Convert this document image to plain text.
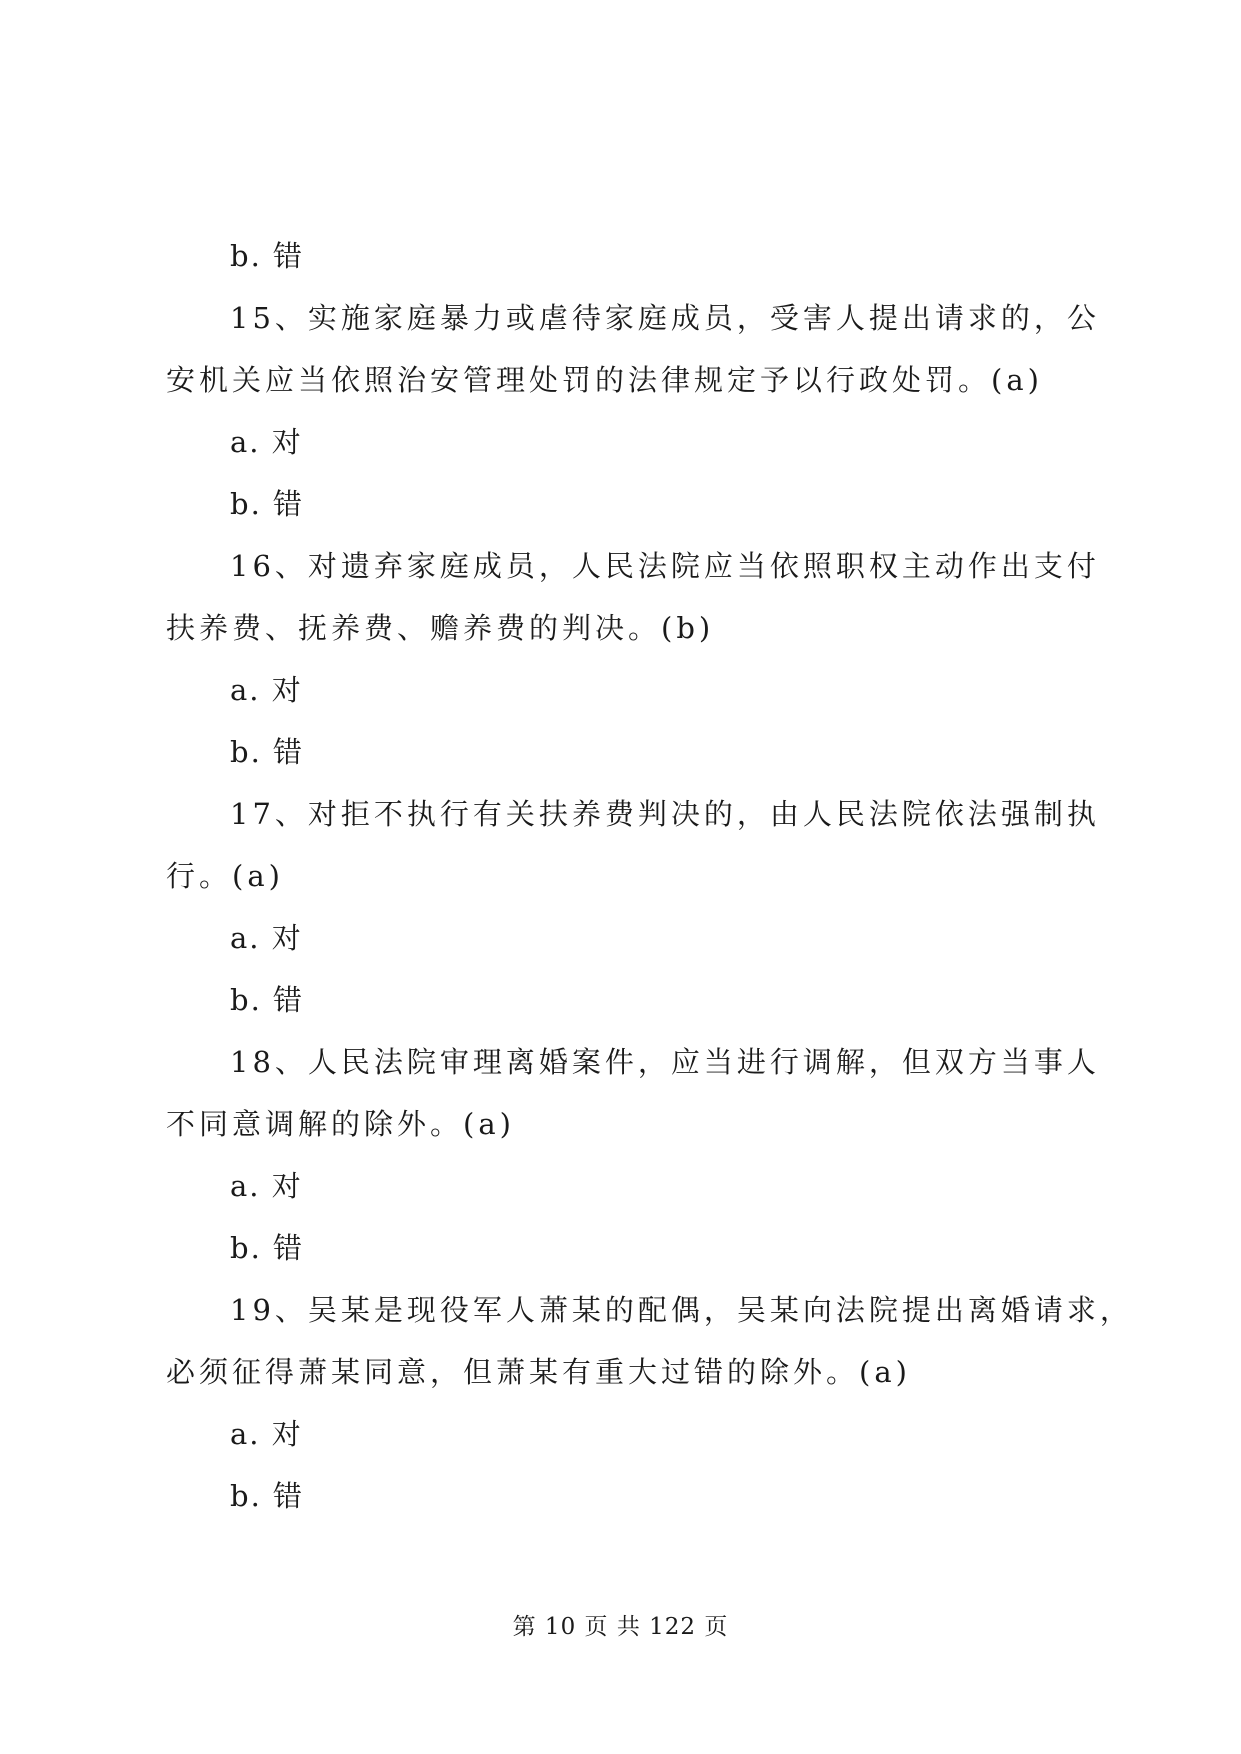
b. 错
15、实施家庭暴力或虐待家庭成员，受害人提出请求的，公
安机关应当依照治安管理处罚的法律规定予以行政处罚。(a)
a. 对
b. 错
16、对遗弃家庭成员，人民法院应当依照职权主动作出支付
扶养费、抚养费、赡养费的判决。(b)
a. 对
b. 错
17、对拒不执行有关扶养费判决的，由人民法院依法强制执
行。(a)
a. 对
b. 错
18、人民法院审理离婚案件，应当进行调解，但双方当事人
不同意调解的除外。(a)
a. 对
b. 错
19、吴某是现役军人萧某的配偶，吴某向法院提出离婚请求，
必须征得萧某同意，但萧某有重大过错的除外。(a)
a. 对
b. 错
第 10 页 共 122 页
